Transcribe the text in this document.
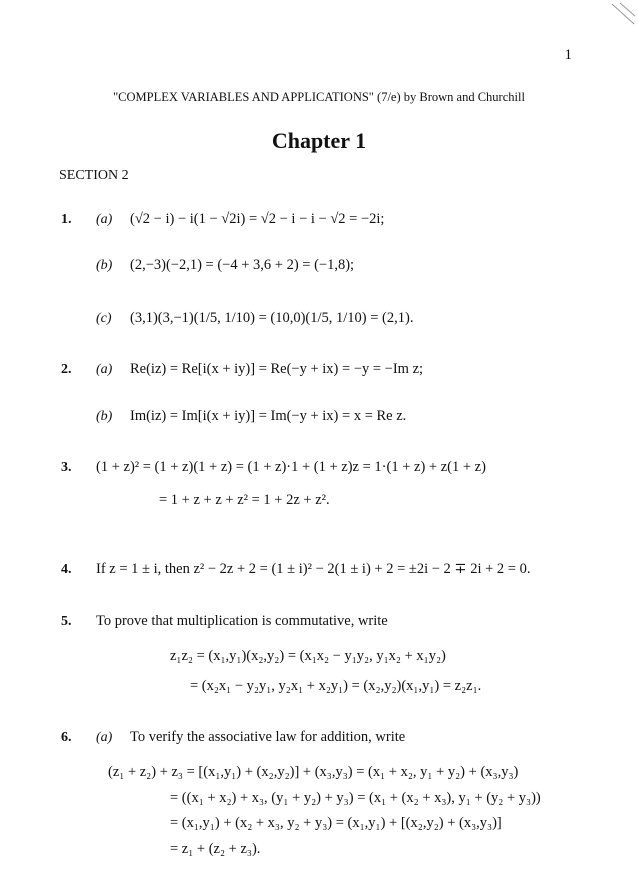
1
"COMPLEX VARIABLES AND APPLICATIONS" (7/e) by Brown and Churchill
Chapter 1
SECTION 2
1. (a) (√2 − i) − i(1 − √2i) = √2 − i − i − √2 = −2i;
(b) (2,−3)(−2,1) = (−4 + 3,6 + 2) = (−1,8);
(c) (3,1)(3,−1)(1/5, 1/10) = (10,0)(1/5, 1/10) = (2,1).
2. (a) Re(iz) = Re[i(x + iy)] = Re(−y + ix) = −y = −Im z;
(b) Im(iz) = Im[i(x + iy)] = Im(−y + ix) = x = Re z.
3. (1 + z)² = (1 + z)(1 + z) = (1 + z)·1 + (1 + z)z = 1·(1 + z) + z(1 + z)
= 1 + z + z + z² = 1 + 2z + z².
4. If z = 1 ± i, then z² − 2z + 2 = (1 ± i)² − 2(1 ± i) + 2 = ±2i − 2 ∓ 2i + 2 = 0.
5. To prove that multiplication is commutative, write
z₁z₂ = (x₁,y₁)(x₂,y₂) = (x₁x₂ − y₁y₂, y₁x₂ + x₁y₂)
= (x₂x₁ − y₂y₁, y₂x₁ + x₂y₁) = (x₂,y₂)(x₁,y₁) = z₂z₁.
6. (a) To verify the associative law for addition, write
(z₁ + z₂) + z₃ = [(x₁,y₁) + (x₂,y₂)] + (x₃,y₃) = (x₁ + x₂, y₁ + y₂) + (x₃,y₃)
= ((x₁ + x₂) + x₃, (y₁ + y₂) + y₃) = (x₁ + (x₂ + x₃), y₁ + (y₂ + y₃))
= (x₁,y₁) + (x₂ + x₃, y₂ + y₃) = (x₁,y₁) + [(x₂,y₂) + (x₃,y₃)]
= z₁ + (z₂ + z₃).
